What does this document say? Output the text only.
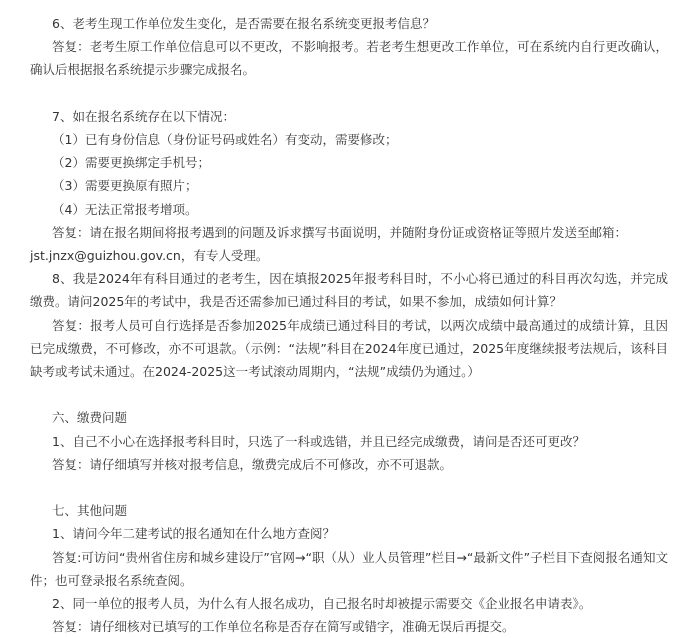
6、老考生现工作单位发生变化，是否需要在报名系统变更报考信息？

答复：老考生原工作单位信息可以不更改，不影响报考。若老考生想更改工作单位，可在系统内自行更改确认，确认后根据报名系统提示步骤完成报名。

7、如在报名系统存在以下情况：

（1）已有身份信息（身份证号码或姓名）有变动，需要修改；

（2）需要更换绑定手机号；

（3）需要更换原有照片；

（4）无法正常报考增项。

答复：请在报名期间将报考遇到的问题及诉求撰写书面说明，并随附身份证或资格证等照片发送至邮箱：

jst.jnzx@guizhou.gov.cn，有专人受理。

8、我是2024年有科目通过的老考生，因在填报2025年报考科目时，不小心将已通过的科目再次勾选，并完成缴费。请问2025年的考试中，我是否还需参加已通过科目的考试，如果不参加，成绩如何计算？

答复：报考人员可自行选择是否参加2025年成绩已通过科目的考试，以两次成绩中最高通过的成绩计算，且因已完成缴费，不可修改，亦不可退款。（示例：“法规”科目在2024年度已通过，2025年度继续报考法规后，该科目缺考或考试未通过。在2024-2025这一考试滚动周期内，“法规”成绩仍为通过。）

六、缴费问题

1、自己不小心在选择报考科目时，只选了一科或选错，并且已经完成缴费，请问是否还可更改？

答复：请仔细填写并核对报考信息，缴费完成后不可修改，亦不可退款。

七、其他问题

1、请问今年二建考试的报名通知在什么地方查阅？

答复:可访问“贵州省住房和城乡建设厅”官网→“职（从）业人员管理”栏目→“最新文件”子栏目下查阅报名通知文件；也可登录报名系统查阅。

2、同一单位的报考人员，为什么有人报名成功，自己报名时却被提示需要交《企业报名申请表》。

答复：请仔细核对已填写的工作单位名称是否存在简写或错字，准确无误后再提交。
